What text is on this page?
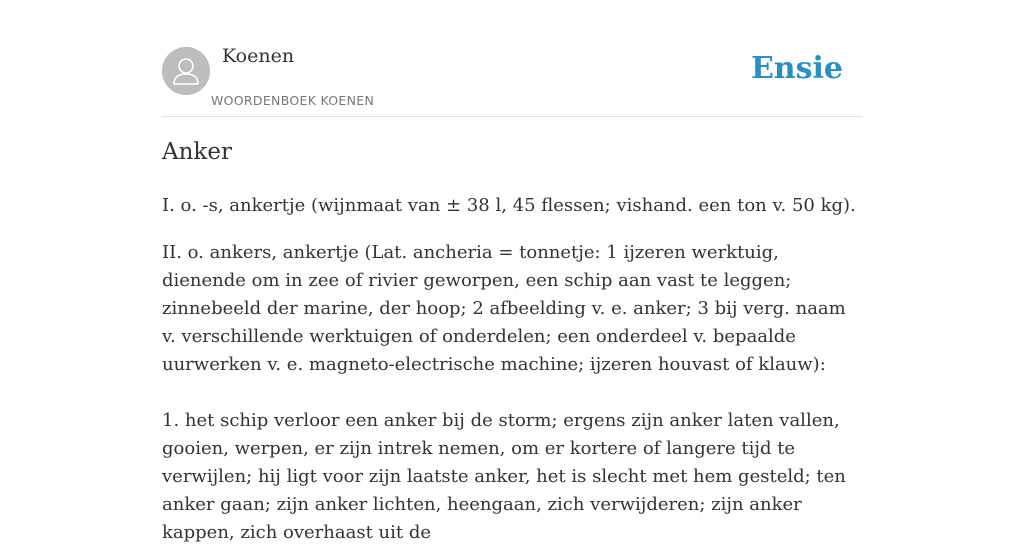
Koenen
WOORDENBOEK KOENEN
Ensie
Anker

I. o. -s, ankertje (wijnmaat van ± 38 l, 45 flessen; vishand. een ton v. 50 kg).

II. o. ankers, ankertje (Lat. ancheria = tonnetje: 1 ijzeren werktuig, dienende om in zee of rivier geworpen, een schip aan vast te leggen; zinnebeeld der marine, der hoop; 2 afbeelding v. e. anker; 3 bij verg. naam v. verschillende werktuigen of onderdelen; een onderdeel v. bepaalde uurwerken v. e. magneto-electrische machine; ijzeren houvast of klauw):

1. het schip verloor een anker bij de storm; ergens zijn anker laten vallen, gooien, werpen, er zijn intrek nemen, om er kortere of langere tijd te verwijlen; hij ligt voor zijn laatste anker, het is slecht met hem gesteld; ten anker gaan; zijn anker lichten, heengaan, zich verwijderen; zijn anker kappen, zich overhaast uit de
